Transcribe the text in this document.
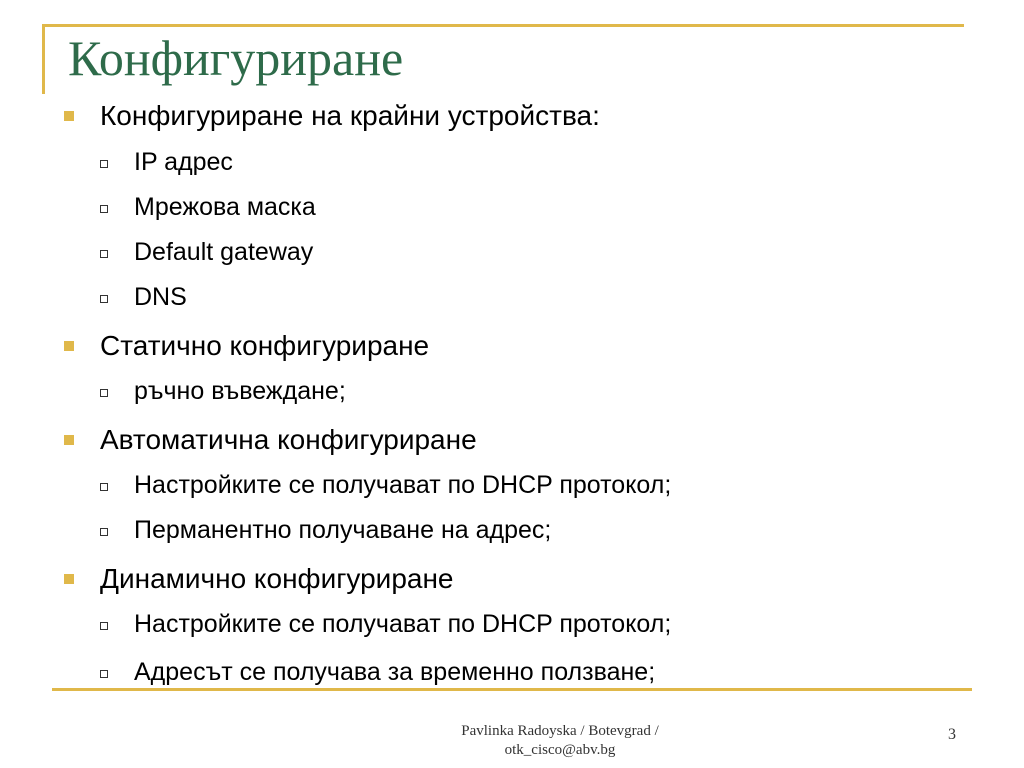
Конфигуриране
Конфигуриране на крайни устройства:
IP адрес
Мрежова маска
Default gateway
DNS
Статично конфигуриране
ръчно въвеждане;
Автоматична конфигуриране
Настройките се получават по DHCP протокол;
Перманентно получаване на адрес;
Динамично конфигуриране
Настройките се получават по DHCP протокол;
Адресът се получава за временно ползване;
Pavlinka Radoyska / Botevgrad /
otk_cisco@abv.bg
3
